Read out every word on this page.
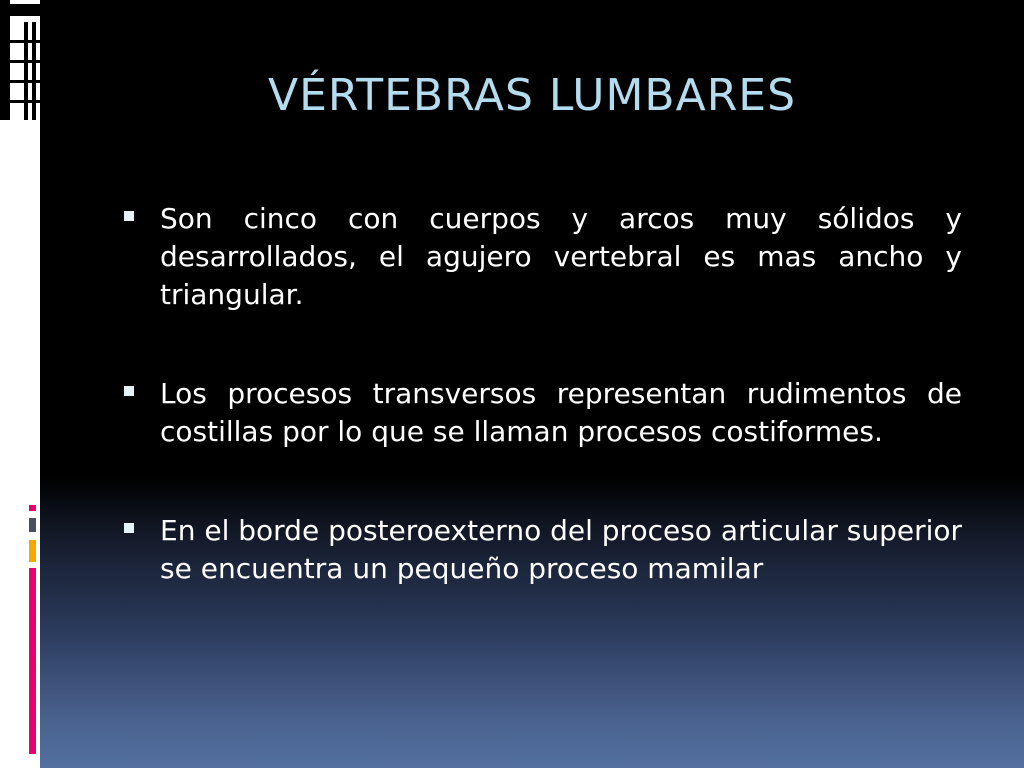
VÉRTEBRAS LUMBARES
Son cinco con cuerpos y arcos muy sólidos y desarrollados, el agujero vertebral es mas ancho y triangular.
Los procesos transversos representan rudimentos de costillas por lo que se llaman procesos costiformes.
En el borde posteroexterno del proceso articular superior se encuentra un pequeño proceso mamilar
